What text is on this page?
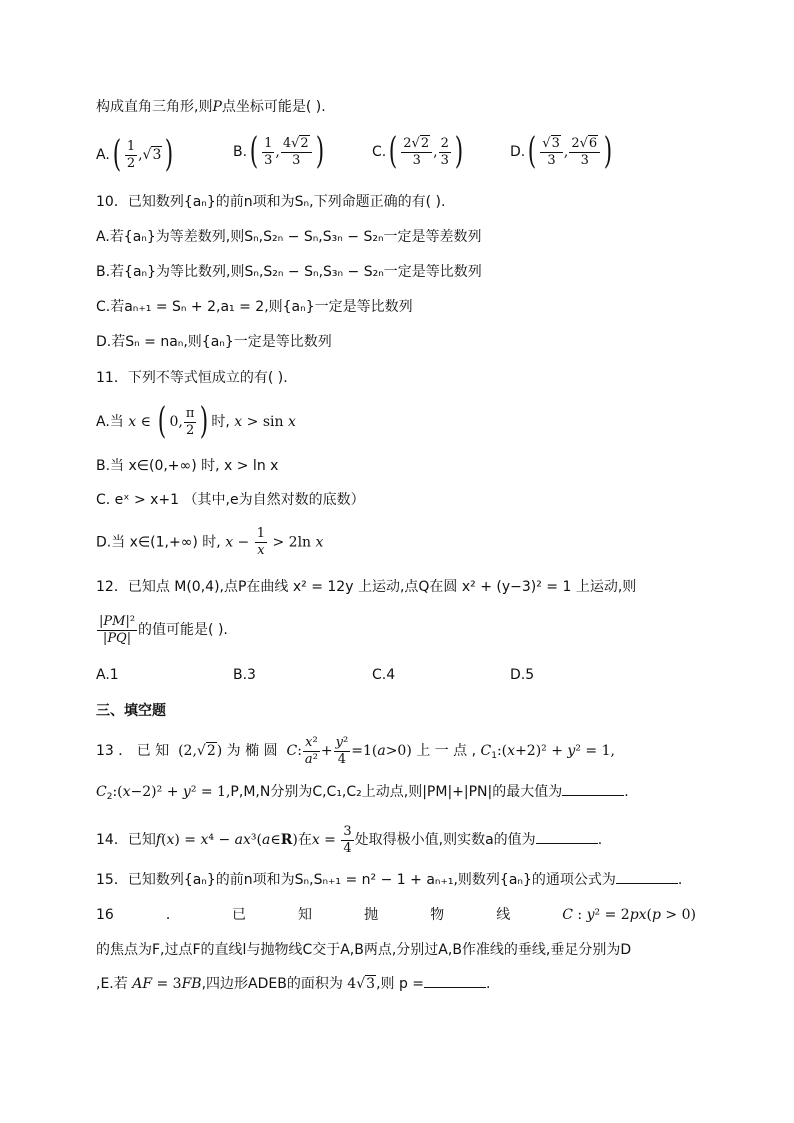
构成直角三角形,则P点坐标可能是( ).
$A.( \frac{1}{2} ,√3$ )	$B.( \frac{1}{3}$ , $\frac{4√2}{3}$ )	$C.( \frac{2√2}{3}$ , $\frac{2}{3}$ )	$D.( \frac{√3}{3}$ , $\frac{2√6}{3}$ )
10．已知数列{aₙ}的前n项和为Sₙ,下列命题正确的有( ).
A.若{aₙ}为等差数列,则Sₙ,S₂ₙ − Sₙ,S₃ₙ − S₂ₙ一定是等差数列
B.若{aₙ}为等比数列,则Sₙ,S₂ₙ − Sₙ,S₃ₙ − S₂ₙ一定是等比数列
C.若aₙ₊₁ = Sₙ + 2,a₁ = 2,则{aₙ}一定是等比数列
D.若Sₙ = naₙ,则{aₙ}一定是等比数列
11．下列不等式恒成立的有( ).
A.当 x ∈ ( 0, $\frac{\pi}{2}$ ) 时, x > sin x
B.当 x∈(0,+∞) 时, x > ln x
C. eˣ > x+1 （其中,e为自然对数的底数）
D.当 x∈(1,+∞) 时, $x - \frac{1}{x} > 2\ln$ x
12．已知点 M(0,4),点P在曲线 x² = 12y 上运动,点Q在圆 x² + (y−3)² = 1 上运动,则
$\frac{\text{|PM|²}}{|PQ|}$ 的值可能是( ).
A.1	B.3	C.4	D.5
三、填空题
13 ． 已 知  (2,√2) 为 椭 圆  C: $\frac{\text{x²}}{\text{a²}} + \frac{\text{y²}}{4} =1(a>0)$ 上 一 点 , $C_1:(x+2)^2 + y^2 = 1$,
$C_2:(x-2)^2 + y^2 = 1,P,M,N$分别为C,C₁,C₂上动点,则|PM|+|PN|的最大值为	.
14．已知f(x) = x⁴ − ax³(a∈R)在$x = \frac{3}{4}$ 处取得极小值,则实数a的值为	.
15．已知数列{aₙ}的前n项和为Sₙ,Sₙ₊₁ = n² − 1 + aₙ₊₁,则数列{aₙ}的通项公式为	.
16	．	已	知	抛	物	线	C : y² = 2px(p > 0)
的焦点为F,过点F的直线l与抛物线C交于A,B两点,分别过A,B作准线的垂线,垂足分别为D
,E.若 AF = 3FB,四边形ADEB的面积为 4√3,则 p =	.
